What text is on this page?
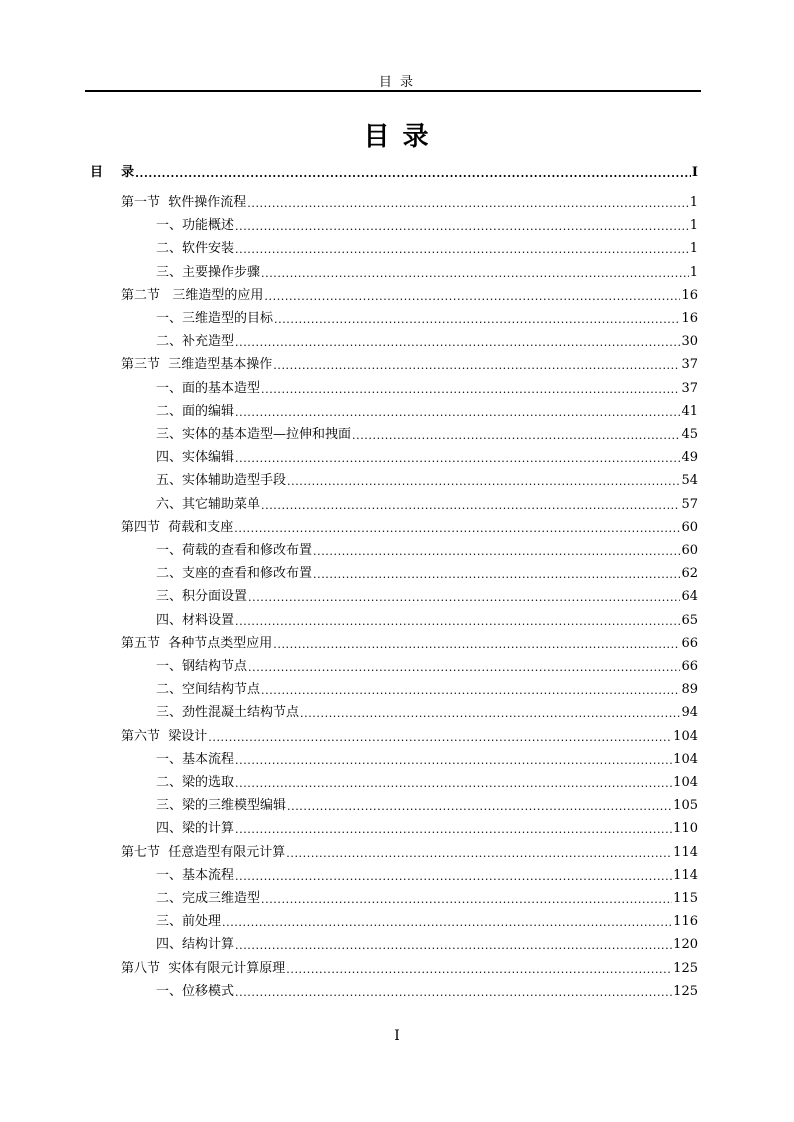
目 录
目 录
目    录 .....	I
第一节  软件操作流程 .....	1
一、功能概述 .....	1
二、软件安装 .....	1
三、主要操作步骤 .....	1
第二节   三维造型的应用 .....	16
一、三维造型的目标 .....	16
二、补充造型 .....	30
第三节  三维造型基本操作 .....	37
一、面的基本造型 .....	37
二、面的编辑 .....	41
三、实体的基本造型—拉伸和拽面 .....	45
四、实体编辑 .....	49
五、实体辅助造型手段 .....	54
六、其它辅助菜单 .....	57
第四节  荷载和支座 .....	60
一、荷载的查看和修改布置 .....	60
二、支座的查看和修改布置 .....	62
三、积分面设置 .....	64
四、材料设置 .....	65
第五节  各种节点类型应用 .....	66
一、钢结构节点 .....	66
二、空间结构节点 .....	89
三、劲性混凝土结构节点 .....	94
第六节  梁设计 .....	104
一、基本流程 .....	104
二、梁的选取 .....	104
三、梁的三维模型编辑 .....	105
四、梁的计算 .....	110
第七节  任意造型有限元计算 .....	114
一、基本流程 .....	114
二、完成三维造型 .....	115
三、前处理 .....	116
四、结构计算 .....	120
第八节  实体有限元计算原理 .....	125
一、位移模式 .....	125
I
